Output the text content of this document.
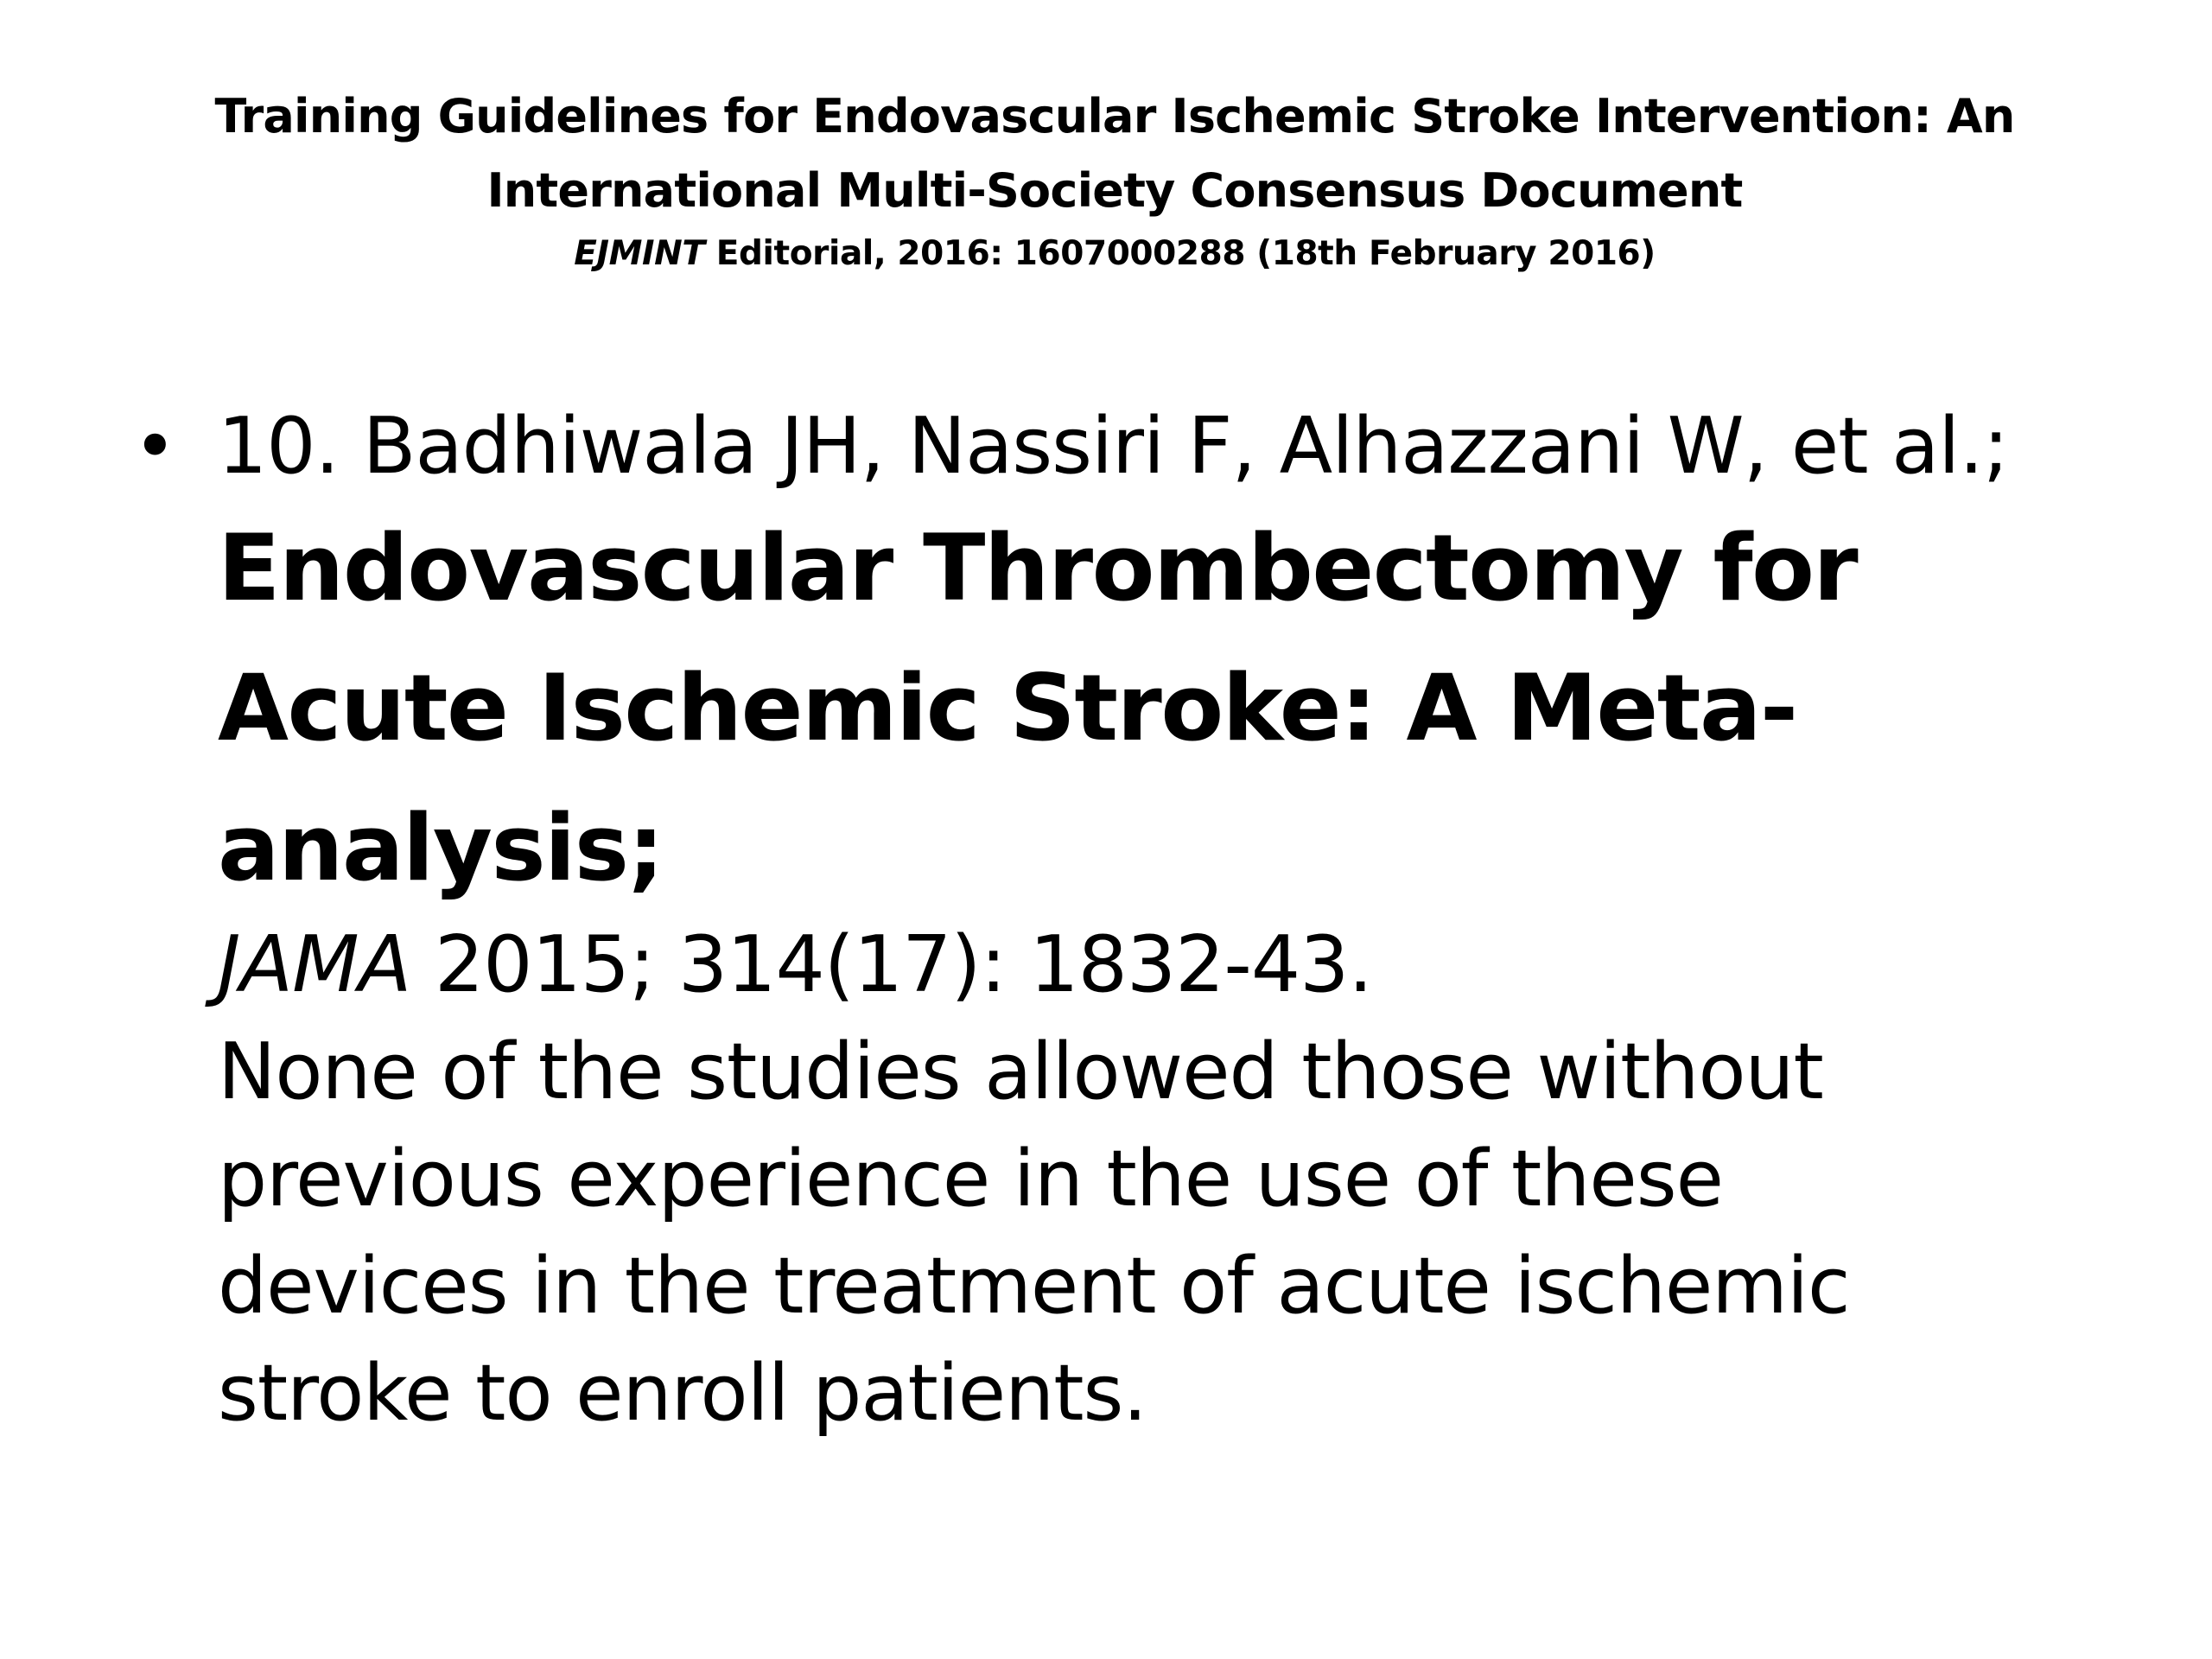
Training Guidelines for Endovascular Ischemic Stroke Intervention: An International Multi-Society Consensus Document

EJMINT Editorial, 2016: 1607000288 (18th February 2016)

• 10. Badhiwala JH, Nassiri F, Alhazzani W, et al.;
Endovascular Thrombectomy for Acute Ischemic Stroke: A Meta-analysis;
JAMA 2015; 314(17): 1832-43.
None of the studies allowed those without previous experience in the use of these devices in the treatment of acute ischemic stroke to enroll patients.
